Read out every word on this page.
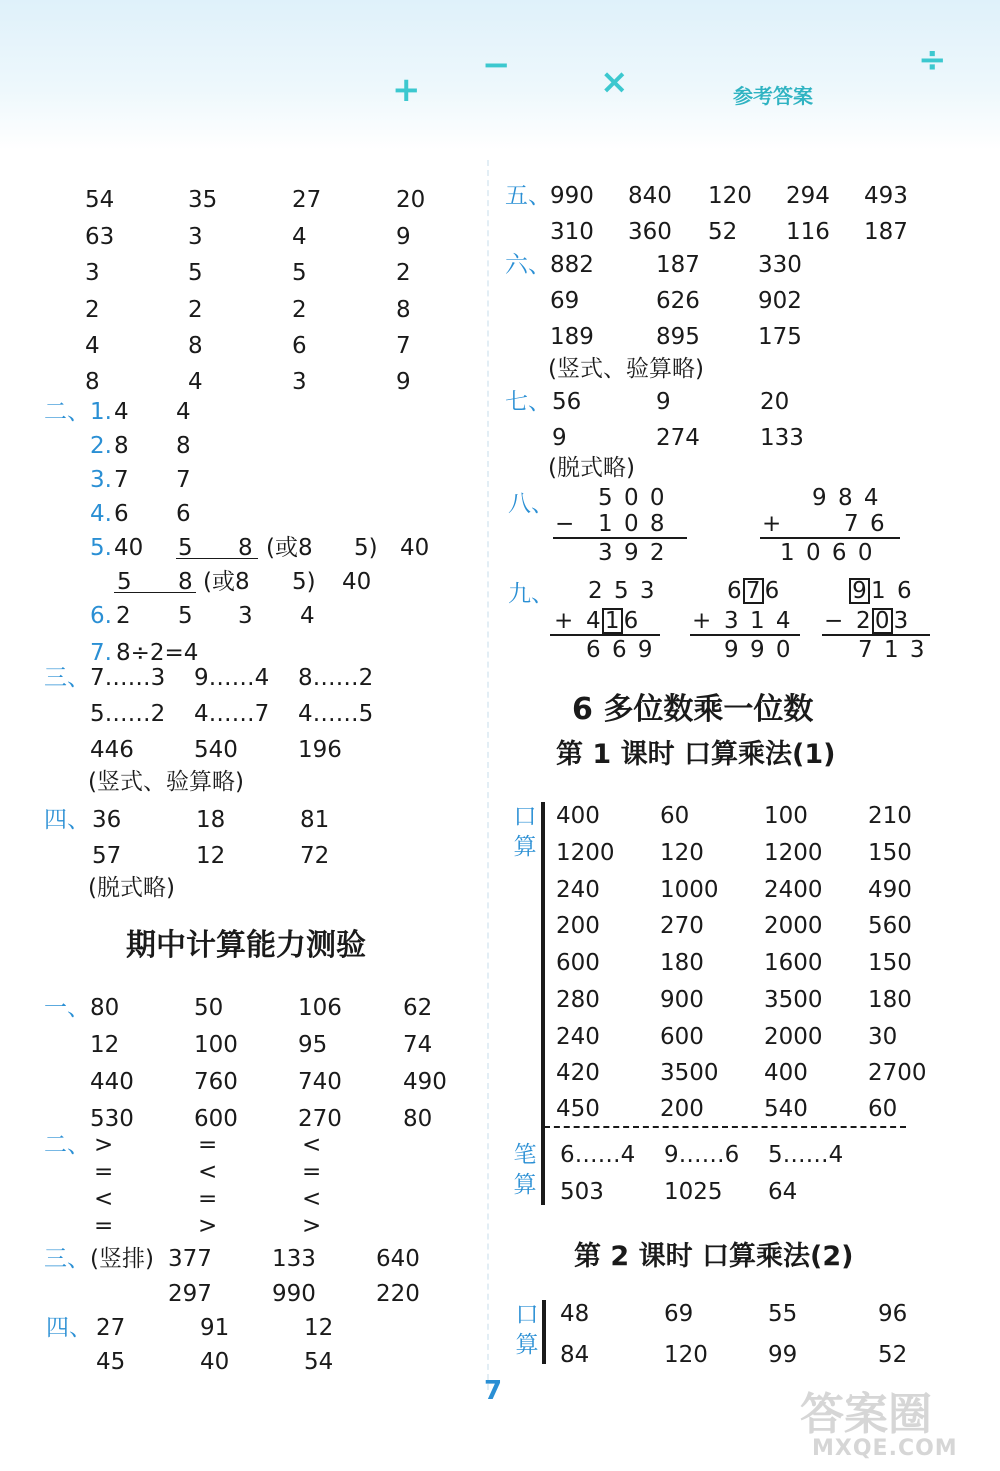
+
−	×
÷
参考答案
54	35	27	20
63	3	4	9
3	5	5	2
2	2	2	8
4	8	6	7
8	4	3	9
二、 1. 4 4
2. 8 8
3. 7 7
4. 6 6
5. 40 5 8 (或8 5) 40
5 8 (或8 5) 40
6. 2 5 3 4
7. 8÷2=4
三、 7……3 9……4 8……2
5……2 4……7 4……5
446	540	196
(竖式、验算略)
四、 36	18	81
57	12	72
(脱式略)
期中计算能力测验
一、 80	50	106	62
12	100	95	74
440	760	740	490
530	600	270	80
二、 >	=	<
=	<	=
<	=	<
=	>	>
三、 (竖排) 377	133	640
297	990	220
四、 27	91	12
45	40	54
五、 990 840 120 294 493
310 360 52 116 187
六、 882	187	330
69	626	902
189	895	175
(竖式、验算略)
七、 56	9	20
9	274	133
(脱式略)
八、 5 0 0
− 1 0 8
3 9 2
9 8 4
+	7 6
1 0 6 0
九、 2 5 3
+ 4 1 6
6 6 9
6 7 6
+ 3 1 4
9 9 0
9 1 6
− 2 0 3
7 1 3
6 多位数乘一位数
第 1 课时 口算乘法(1)
口算
400	60	100	210
1200 120	1200 150
240	1000 2400 490
200	270	2000 560
600	180	1600 150
280	900	3500 180
240	600	2000 30
420	3500 400	2700
450	200	540	60
笔算
6……4 9……6 5……4
503	1025 64
第 2 课时 口算乘法(2)
口算
48	69	55	96
84	120	99	52
7	答案圈
MXQE.COM
